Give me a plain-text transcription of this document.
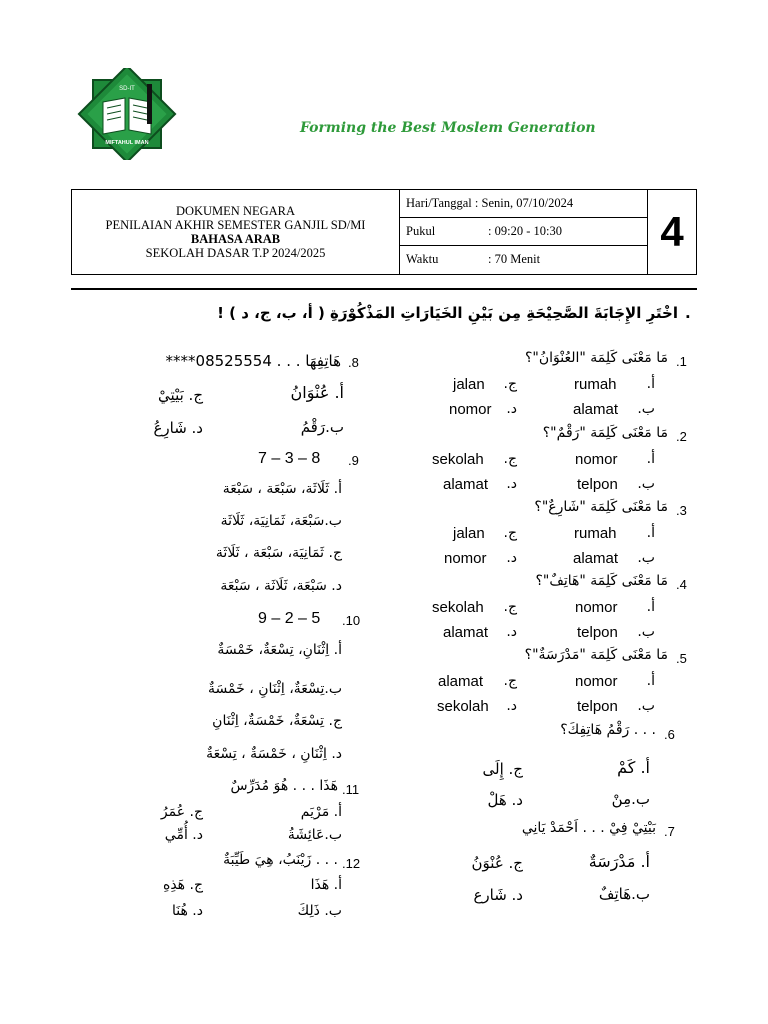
SD-IT
MIFTAHUL IMAN
Forming the Best Moslem Generation
DOKUMEN NEGARA
PENILAIAN AKHIR SEMESTER GANJIL SD/MI
BAHASA ARAB
SEKOLAH DASAR T.P 2024/2025
Hari/Tanggal : Senin, 07/10/2024
Pukul	: 09:20 - 10:30
Waktu	: 70 Menit
4
.
اخْتَرِ الإِجَابَةَ الصَّحِيْحَةِ مِن بَيْنِ الخَيَارَاتِ المَذْكُوْرَةِ ( أ، ب، ج، د ) !
.1
مَا مَعْنَى كَلِمَة "العُنْوَانُ"؟
أ.
rumah
ب.
alamat
ج.
jalan
د.
nomor
.2
مَا مَعْنَى كَلِمَة "رَقْمٌ"؟
أ.
nomor
ب.
telpon
ج.
sekolah
د.
alamat
.3
مَا مَعْنَى كَلِمَة "شَارِعٌ"؟
أ.
rumah
ب.
alamat
ج.
jalan
د.
nomor
.4
مَا مَعْنَى كَلِمَة "هَاتِفٌ"؟
أ.
nomor
ب.
telpon
ج.
sekolah
د.
alamat
.5
مَا مَعْنَى كَلِمَة "مَدْرَسَةٌ"؟
أ.
nomor
ب.
telpon
ج.
alamat
د.
sekolah
.6
. . . رَقْمُ هَاتِفِكَ؟
أ. كَمْ
ب.مِنْ
ج. إِلَى
د. هَلْ
.7
بَيْتِيْ فِيْ . . . اَحْمَدْ يَانِي
أ. مَدْرَسَةٌ
ب.هَاتِفٌ
ج. عُنْوَنُ
د. شَارع
.8
هَاتِفِهَا . . . 08525554****
أ. عُنْوَانُ
ب.رَقْمُ
ج. بَيْتِيْ
د. شَارِعُ
.9
7 – 3 – 8
أ. ثَلَاثَة، سَبْعَة ، سَبْعَة
ب.سَبْعَة، ثَمَانِيَة، ثَلَاثَة
ج. ثَمَانِيَة، سَبْعَة ، ثَلَاثَة
د. سَبْعَة، ثَلَاثَة ، سَبْعَة
.10
9 – 2 – 5
أ. اِثْنَانِ، تِسْعَةٌ، خَمْسَةٌ
ب.تِسْعَةٌ، اِثْنَانِ ، خَمْسَةٌ
ج. تِسْعَةٌ، خَمْسَةٌ، اِثْنَانِ
د. اِثْنَانِ ، خَمْسَةٌ ، تِسْعَةٌ
.11
هَذَا . . . هُوَ مُدَرِّسٌ
أ. مَرْيَم
ب.عَائِشَةُ
ج. عُمَرُ
د. أُمِّي
.12
. . . زَيْنَبُ، هِيَ طَيِّبَةٌ
أ. هَذَا
ب. ذَلِكَ
ج. هَذِهِ
د. هُنَا
